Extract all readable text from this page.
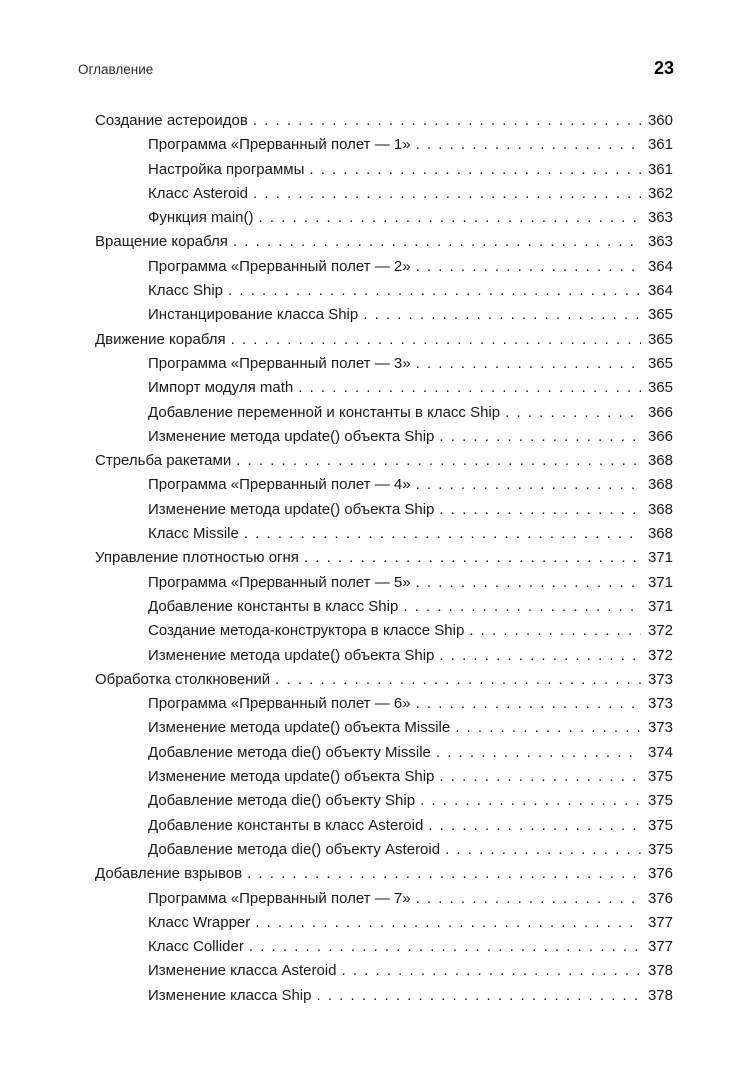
Оглавление	23
Создание астероидов . . .	360
Программа «Прерванный полет — 1» . . .	361
Настройка программы . . .	361
Класс Asteroid . . .	362
Функция main() . . .	363
Вращение корабля . . .	363
Программа «Прерванный полет — 2» . . .	364
Класс Ship . . .	364
Инстанцирование класса Ship . . .	365
Движение корабля . . .	365
Программа «Прерванный полет — 3» . . .	365
Импорт модуля math . . .	365
Добавление переменной и константы в класс Ship . . .	366
Изменение метода update() объекта Ship . . .	366
Стрельба ракетами . . .	368
Программа «Прерванный полет — 4» . . .	368
Изменение метода update() объекта Ship . . .	368
Класс Missile . . .	368
Управление плотностью огня . . .	371
Программа «Прерванный полет — 5» . . .	371
Добавление константы в класс Ship . . .	371
Создание метода-конструктора в классе Ship . . .	372
Изменение метода update() объекта Ship . . .	372
Обработка столкновений . . .	373
Программа «Прерванный полет — 6» . . .	373
Изменение метода update() объекта Missile . . .	373
Добавление метода die() объекту Missile . . .	374
Изменение метода update() объекта Ship . . .	375
Добавление метода die() объекту Ship . . .	375
Добавление константы в класс Asteroid . . .	375
Добавление метода die() объекту Asteroid . . .	375
Добавление взрывов . . .	376
Программа «Прерванный полет — 7» . . .	376
Класс Wrapper . . .	377
Класс Collider . . .	377
Изменение класса Asteroid . . .	378
Изменение класса Ship . . .	378
